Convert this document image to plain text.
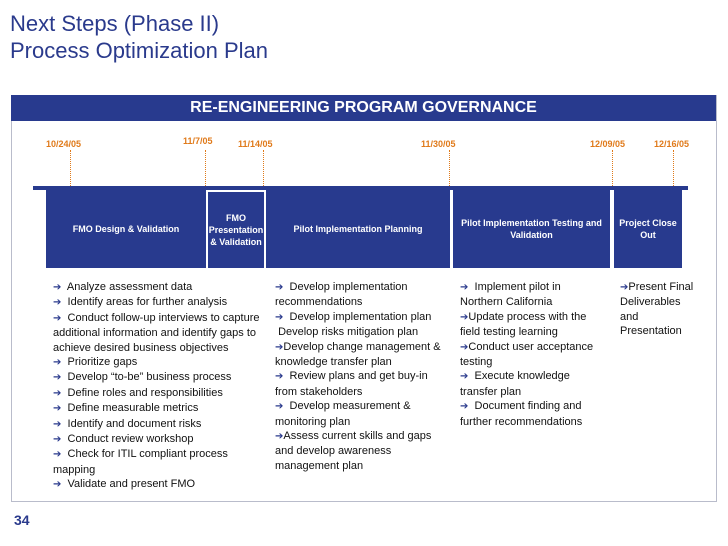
Next Steps (Phase II)
Process Optimization Plan
RE-ENGINEERING PROGRAM GOVERNANCE
10/24/05	11/7/05	11/14/05	11/30/05	12/09/05	12/16/05
FMO Design & Validation
FMO Presentation & Validation
Pilot Implementation Planning
Pilot Implementation Testing and Validation
Project Close Out
➔ Analyze assessment data
➔ Identify areas for further analysis
➔ Conduct follow-up interviews to capture additional information and identify gaps to achieve desired business objectives
➔ Prioritize gaps
➔ Develop “to-be” business process
➔ Define roles and responsibilities
➔ Define measurable metrics
➔ Identify and document risks
➔ Conduct review workshop
➔ Check for ITIL compliant process mapping
➔ Validate and present FMO
➔ Develop implementation recommendations
➔ Develop implementation plan
Develop risks mitigation plan
➔Develop change management & knowledge transfer plan
➔ Review plans and get buy-in from stakeholders
➔ Develop measurement & monitoring plan
➔Assess current skills and gaps and develop awareness management plan
➔ Implement pilot in Northern California
➔Update process with the field testing learning
➔Conduct user acceptance testing
➔ Execute knowledge transfer plan
➔ Document finding and further recommendations
➔Present Final Deliverables and Presentation
34
